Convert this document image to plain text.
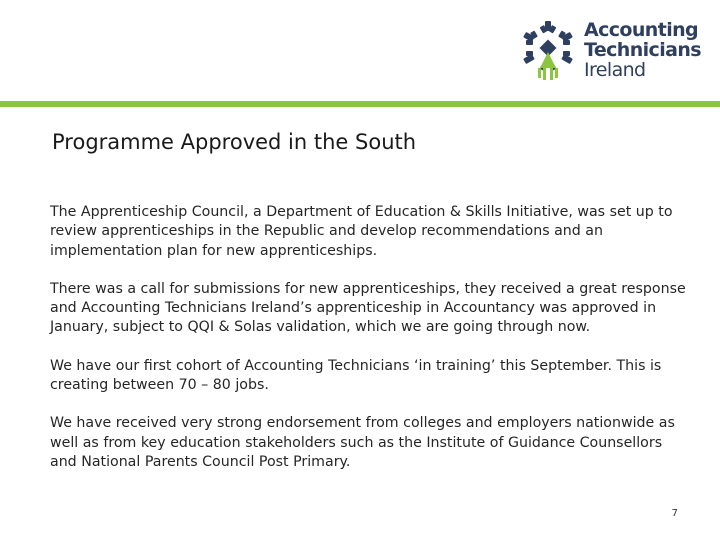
Accounting
Technicians
Ireland
Programme Approved in the South

The Apprenticeship Council, a Department of Education & Skills Initiative, was set up to review apprenticeships in the Republic and develop recommendations and an implementation plan for new apprenticeships.

There was a call for submissions for new apprenticeships, they received a great response and Accounting Technicians Ireland’s apprenticeship in Accountancy was approved in January, subject to QQI & Solas validation, which we are going through now.

We have our first cohort of Accounting Technicians ‘in training’ this September. This is creating between 70 – 80 jobs.

We have received very strong endorsement from colleges and employers nationwide as well as from key education stakeholders such as the Institute of Guidance Counsellors and National Parents Council Post Primary.

7
